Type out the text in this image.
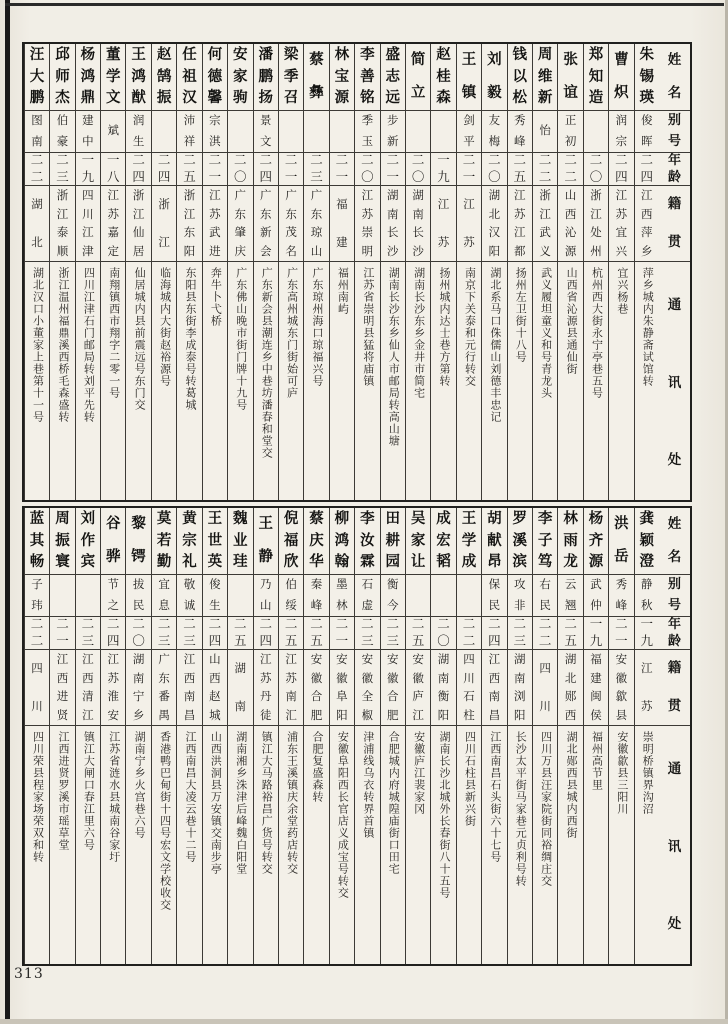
姓
名
别
号
年
龄
籍
贯
通
讯
处
朱
锡
瑛
俊
晖
二
四
江
西
萍
乡
萍乡城内朱静斋试馆转
曹
炽
润
宗
二
四
江
苏
宜
兴
宜兴杨巷
郑
知
造
二
〇
浙
江
处
州
杭州西大街永宁亭巷五号
张
谊
正
初
二
二
山
西
沁
源
山西省沁源县通仙街
周
维
新
怡
二
二
浙
江
武
义
武义履坦童义和号青龙头
钱
以
松
秀
峰
二
五
江
苏
江
都
扬州左卫街十八号
刘
毅
友
梅
二
〇
湖
北
汉
阳
湖北系马口侏儒山刘德丰忠记
王
镇
剑
平
二
一
江
苏
南京下关泰和元行转交
赵
桂
森
一
九
江
苏
扬州城内达士巷方第转
简
立
二
〇
湖
南
长
沙
湖南长沙东乡金井市简宅
盛
志
远
步
新
二
一
湖
南
长
沙
湖南长沙东乡仙人市邮局转高山塘
李
善
铭
季
玉
二
〇
江
苏
崇
明
江苏省崇明县猛将庙镇
林
宝
源
二
一
福
建
福州南屿
蔡
彝
二
三
广
东
琼
山
广东琼州海口琼福兴号
梁
季
召
二
一
广
东
茂
名
广东高州城东门街始可庐
潘
鹏
扬
景
文
二
四
广
东
新
会
广东新会县潮连乡中巷坊潘春和堂交
安
家
驹
二
〇
广
东
肇
庆
广东佛山晚市街门牌十九号
何
德
馨
宗
淇
二
一
江
苏
武
进
奔牛卜弋桥
任
祖
汉
沛
祥
二
五
浙
江
东
阳
东阳县东街李成泰号转葛城
赵
鹄
振
二
四
浙
江
临海城内大街赵裕源号
王
鸿
猷
润
生
二
四
浙
江
仙
居
仙居城内县前震远号东门交
董
学
文
斌
一
八
江
苏
嘉
定
南翔镇西市翔字二零一号
杨
鸿
鼎
建
中
一
九
四
川
江
津
四川江津石门邮局转刘平先转
邱
师
杰
伯
豪
二
三
浙
江
泰
顺
浙江温州福鼎溪西桥毛森盛转
汪
大
鹏
图
南
二
二
湖
北
湖北汉口小董家上巷第十一号
姓
名
别
号
年
龄
籍
贯
通
讯
处
龚
颖
澄
静
秋
一
九
江
苏
崇明桥镇界沟沼
洪
岳
秀
峰
二
一
安
徽
歙
县
安徽歙县三阳川
杨
齐
源
武
仲
一
九
福
建
闽
侯
福州高节里
林
雨
龙
云
翘
二
五
湖
北
郧
西
湖北郧西县城内西街
李
子
笃
右
民
二
二
四
川
四川万县汪家院街同裕绸庄交
罗
溪
滨
攻
非
二
三
湖
南
浏
阳
长沙太平街马家巷元贞利号转
胡
献
昂
保
民
二
四
江
西
南
昌
江西南昌石头街六十七号
王
学
成
二
二
四
川
石
柱
四川石柱县新兴街
成
宏
韬
二
〇
湖
南
衡
阳
湖南长沙北城外长春街八十五号
吴
家
让
二
五
安
徽
庐
江
安徽庐江裴家冈
田
耕
园
衡
今
二
三
安
徽
合
肥
合肥城内府城隍庙街口田宅
李
汝
霖
石
虚
二
三
安
徽
全
椒
津浦线乌衣转界首镇
柳
鸿
翰
墨
林
二
一
安
徽
阜
阳
安徽阜阳西长官店义成宝号转交
蔡
庆
华
秦
峰
二
五
安
徽
合
肥
合肥复盛森转
倪
福
欣
伯
绥
二
五
江
苏
南
汇
浦东王溪镇庆余堂药店转交
王
静
乃
山
二
四
江
苏
丹
徒
镇江大马路裕昌广货号转交
魏
业
珪
二
五
湖
南
湖南湘乡洙津后峰魏白阳堂
王
世
英
俊
生
二
四
山
西
赵
城
山西洪洞县万安镇交南步亭
黄
宗
礼
敬
诚
二
三
江
西
南
昌
江西南昌大凌云巷十二号
莫
若
勤
宜
息
二
三
广
东
番
禺
香港鸭巴甸街十四号宏文学校收交
黎
锷
拔
民
二
〇
湖
南
宁
乡
湖南宁乡火宫巷六号
谷
骅
节
之
二
四
江
苏
淮
安
江苏省涟水县城南谷家圩
刘
作
宾
二
三
江
西
清
江
镇江大闸口春江里六号
周
振
寰
二
一
江
西
进
贤
江西进贤罗溪市瑶草堂
蓝
其
畅
子
玮
二
二
四
川
四川荣县程家场荣双和转
313
